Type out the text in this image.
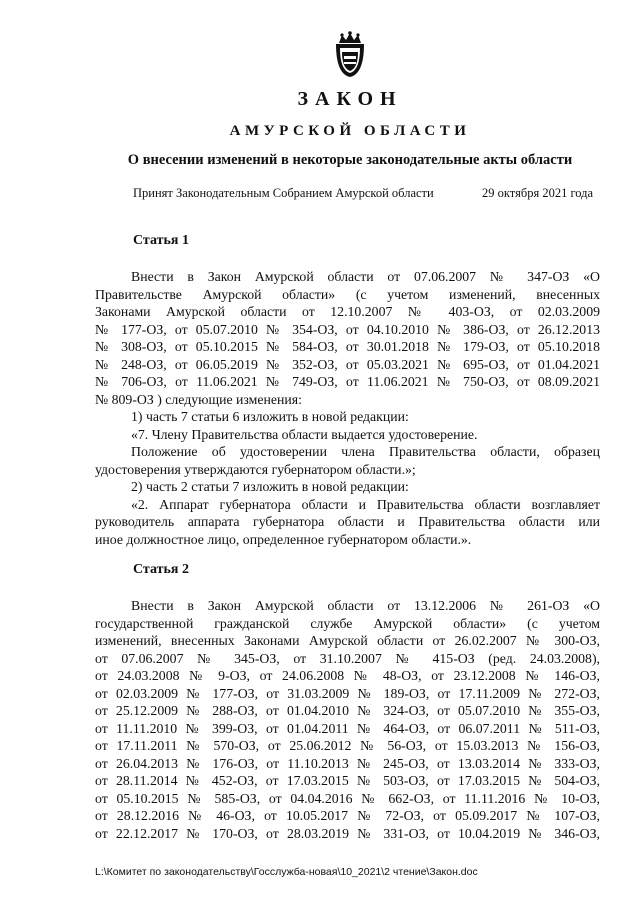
ЗАКОН
АМУРСКОЙ ОБЛАСТИ
О внесении изменений в некоторые законодательные акты области
Принят Законодательным Собранием Амурской области	29 октября 2021 года
Статья 1
Внести в Закон Амурской области от 07.06.2007 № 347-ОЗ «О
Правительстве Амурской области» (с учетом изменений, внесенных
Законами Амурской области от 12.10.2007 № 403-ОЗ, от 02.03.2009
№ 177-ОЗ, от 05.07.2010 № 354-ОЗ, от 04.10.2010 № 386-ОЗ, от 26.12.2013
№ 308-ОЗ, от 05.10.2015 № 584-ОЗ, от 30.01.2018 № 179-ОЗ, от 05.10.2018
№ 248-ОЗ, от 06.05.2019 № 352-ОЗ, от 05.03.2021 № 695-ОЗ, от 01.04.2021
№ 706-ОЗ, от 11.06.2021 № 749-ОЗ, от 11.06.2021 № 750-ОЗ, от 08.09.2021
№ 809-ОЗ ) следующие изменения:
1) часть 7 статьи 6 изложить в новой редакции:
«7. Члену Правительства области выдается удостоверение.
Положение об удостоверении члена Правительства области, образец
удостоверения утверждаются губернатором области.»;
2) часть 2 статьи 7 изложить в новой редакции:
«2. Аппарат губернатора области и Правительства области возглавляет
руководитель аппарата губернатора области и Правительства области или
иное должностное лицо, определенное губернатором области.».
Статья 2
Внести в Закон Амурской области от 13.12.2006 № 261-ОЗ «О
государственной гражданской службе Амурской области» (с учетом
изменений, внесенных Законами Амурской области от 26.02.2007 № 300-ОЗ,
от 07.06.2007 № 345-ОЗ, от 31.10.2007 № 415-ОЗ (ред. 24.03.2008),
от 24.03.2008 № 9-ОЗ, от 24.06.2008 № 48-ОЗ, от 23.12.2008 № 146-ОЗ,
от 02.03.2009 № 177-ОЗ, от 31.03.2009 № 189-ОЗ, от 17.11.2009 № 272-ОЗ,
от 25.12.2009 № 288-ОЗ, от 01.04.2010 № 324-ОЗ, от 05.07.2010 № 355-ОЗ,
от 11.11.2010 № 399-ОЗ, от 01.04.2011 № 464-ОЗ, от 06.07.2011 № 511-ОЗ,
от 17.11.2011 № 570-ОЗ, от 25.06.2012 № 56-ОЗ, от 15.03.2013 № 156-ОЗ,
от 26.04.2013 № 176-ОЗ, от 11.10.2013 № 245-ОЗ, от 13.03.2014 № 333-ОЗ,
от 28.11.2014 № 452-ОЗ, от 17.03.2015 № 503-ОЗ, от 17.03.2015 № 504-ОЗ,
от 05.10.2015 № 585-ОЗ, от 04.04.2016 № 662-ОЗ, от 11.11.2016 № 10-ОЗ,
от 28.12.2016 № 46-ОЗ, от 10.05.2017 № 72-ОЗ, от 05.09.2017 № 107-ОЗ,
от 22.12.2017 № 170-ОЗ, от 28.03.2019 № 331-ОЗ, от 10.04.2019 № 346-ОЗ,
L:\Комитет по законодательству\Госслужба-новая\10_2021\2 чтение\Закон.doc
